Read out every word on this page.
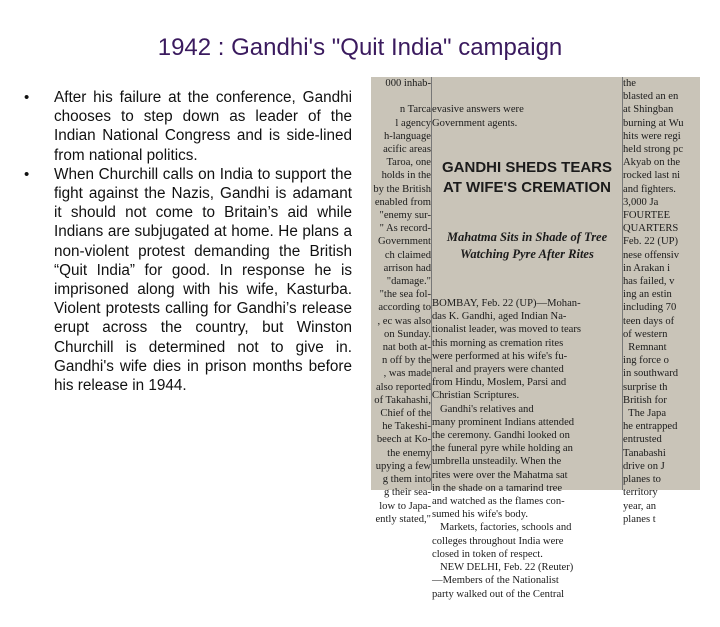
1942 : Gandhi's "Quit India" campaign
• After his failure at the conference, Gandhi chooses to step down as leader of the Indian National Congress and is side-lined from national politics.
• When Churchill calls on India to support the fight against the Nazis, Gandhi is adamant it should not come to Britain’s aid while Indians are subjugated at home. He plans a non-violent protest demanding the British “Quit India” for good. In response he is imprisoned along with his wife, Kasturba. Violent protests calling for Gandhi’s release erupt across the country, but Winston Churchill is determined not to give in. Gandhi's wife dies in prison months before his release in 1944.
000 inhab-

n Tarca
l agency
h-language
acific areas
Taroa, one
holds in the
by the British
enabled from
"enemy sur-
" As record-
Government
ch claimed
arrison had
"damage."
"the sea fol-
according to
, ec was also
on Sunday.
nat both at-
n off by the
, was made
also reported
of Takahashi,
Chief of the
he Takeshi-
beech at Ko-
the enemy
upying a few
g them into
g their sea-
low to Japa-
ently stated,"

evasive answers were
Government agents.

GANDHI SHEDS TEARS
AT WIFE'S CREMATION

Mahatma Sits in Shade of Tree
Watching Pyre After Rites

BOMBAY, Feb. 22 (UP)—Mohan-
das K. Gandhi, aged Indian Na-
tionalist leader, was moved to tears
this morning as cremation rites
were performed at his wife's fu-
neral and prayers were chanted
from Hindu, Moslem, Parsi and
Christian Scriptures.
Gandhi's relatives and
many prominent Indians attended
the ceremony. Gandhi looked on
the funeral pyre while holding an
umbrella unsteadily. When the
rites were over the Mahatma sat
in the shade on a tamarind tree
and watched as the flames con-
sumed his wife's body.
Markets, factories, schools and
colleges throughout India were
closed in token of respect.
NEW DELHI, Feb. 22 (Reuter)
—Members of the Nationalist
party walked out of the Central

the
blasted an en
at Shingban
burning at Wu
hits were regi
held strong pc
Akyab on the
rocked last ni
and fighters.
3,000 Ja
FOURTEE
QUARTERS
Feb. 22 (UP)
nese offensiv
in Arakan i
has failed, v
ing an estin
including 70
teen days of
of western
Remnant
ing force o
in southward
surprise th
British for
The Japa
he entrapped
entrusted
Tanabashi
drive on J
planes to
territory
year, an
planes t
